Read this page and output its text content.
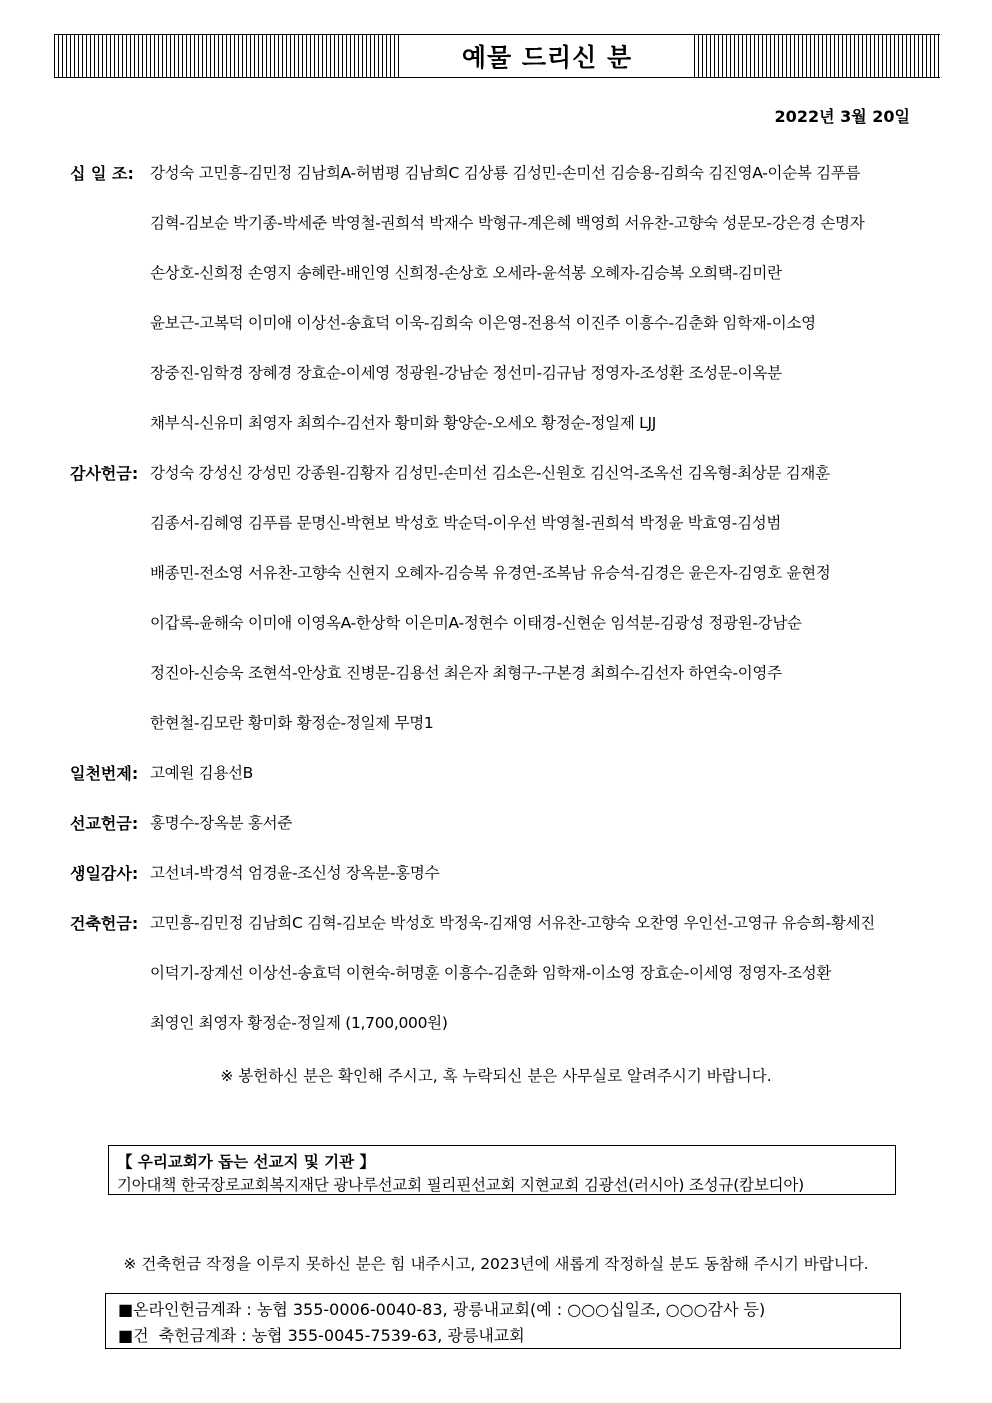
예물 드리신 분
2022년 3월 20일
십 일 조: 강성숙 고민흥-김민정 김남희A-허범평 김남희C 김상룡 김성민-손미선 김승용-김희숙 김진영A-이순복 김푸름
김혁-김보순 박기종-박세준 박영철-권희석 박재수 박형규-계은혜 백영희 서유찬-고향숙 성문모-강은경 손명자
손상호-신희정 손영지 송혜란-배인영 신희정-손상호 오세라-윤석봉 오혜자-김승복 오희택-김미란
윤보근-고복덕 이미애 이상선-송효덕 이욱-김희숙 이은영-전용석 이진주 이흥수-김춘화 임학재-이소영
장중진-임학경 장혜경 장효순-이세영 정광원-강남순 정선미-김규남 정영자-조성환 조성문-이옥분
채부식-신유미 최영자 최희수-김선자 황미화 황양순-오세오 황정순-정일제 LJJ
감사헌금: 강성숙 강성신 강성민 강종원-김황자 김성민-손미선 김소은-신원호 김신억-조옥선 김옥형-최상문 김재훈
김종서-김혜영 김푸름 문명신-박현보 박성호 박순덕-이우선 박영철-권희석 박정윤 박효영-김성범
배종민-전소영 서유찬-고향숙 신현지 오혜자-김승복 유경연-조복남 유승석-김경은 윤은자-김영호 윤현정
이갑록-윤해숙 이미애 이영옥A-한상학 이은미A-정현수 이태경-신현순 임석분-김광성 정광원-강남순
정진아-신승욱 조현석-안상효 진병문-김용선 최은자 최형구-구본경 최희수-김선자 하연숙-이영주
한현철-김모란 황미화 황정순-정일제 무명1
일천번제: 고예원 김용선B
선교헌금: 홍명수-장옥분 홍서준
생일감사: 고선녀-박경석 엄경윤-조신성 장옥분-홍명수
건축헌금: 고민흥-김민정 김남희C 김혁-김보순 박성호 박정욱-김재영 서유찬-고향숙 오찬영 우인선-고영규 유승희-황세진
이덕기-장계선 이상선-송효덕 이현숙-허명훈 이흥수-김춘화 임학재-이소영 장효순-이세영 정영자-조성환
최영인 최영자 황정순-정일제 (1,700,000원)
※ 봉헌하신 분은 확인해 주시고, 혹 누락되신 분은 사무실로 알려주시기 바랍니다.
【 우리교회가 돕는 선교지 및 기관 】
기아대책 한국장로교회복지재단 광나루선교회 필리핀선교회 지현교회 김광선(러시아) 조성규(캄보디아)
※ 건축헌금 작정을 이루지 못하신 분은 힘 내주시고, 2023년에 새롭게 작정하실 분도 동참해 주시기 바랍니다.
■온라인헌금계좌 : 농협 355-0006-0040-83, 광릉내교회(예 : ○○○십일조, ○○○감사 등)
■건  축헌금계좌 : 농협 355-0045-7539-63, 광릉내교회
